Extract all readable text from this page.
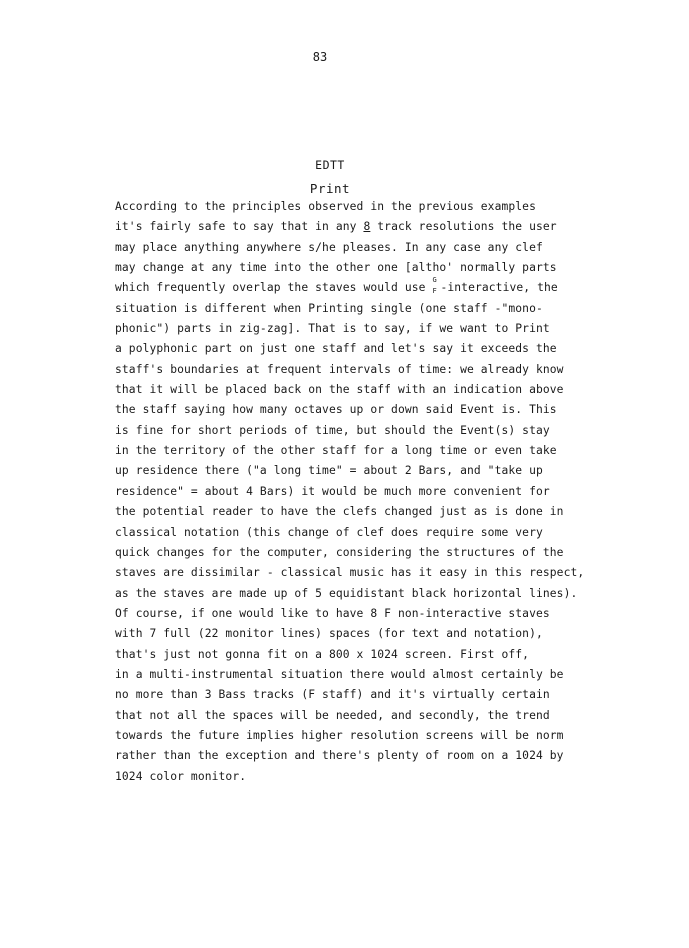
83
EDTT
Print
According to the principles observed in the previous examples
it's fairly safe to say that in any 8 track resolutions the user
may place anything anywhere s/he pleases. In any case any clef
may change at any time into the other one [altho' normally parts
which frequently overlap the staves would use
G
F -interactive, the
situation is different when Printing single (one staff -"mono-
phonic") parts in zig-zag]. That is to say, if we want to Print
a polyphonic part on just one staff and let's say it exceeds the
staff's boundaries at frequent intervals of time: we already know
that it will be placed back on the staff with an indication above
the staff saying how many octaves up or down said Event is. This
is fine for short periods of time, but should the Event(s) stay
in the territory of the other staff for a long time or even take
up residence there ("a long time" = about 2 Bars, and "take up
residence" = about 4 Bars) it would be much more convenient for
the potential reader to have the clefs changed just as is done in
classical notation (this change of clef does require some very
quick changes for the computer, considering the structures of the
staves are dissimilar - classical music has it easy in this respect,
as the staves are made up of 5 equidistant black horizontal lines).
Of course, if one would like to have 8 F non-interactive staves
with 7 full (22 monitor lines) spaces (for text and notation),
that's just not gonna fit on a 800 x 1024 screen. First off,
in a multi-instrumental situation there would almost certainly be
no more than 3 Bass tracks (F staff) and it's virtually certain
that not all the spaces will be needed, and secondly, the trend
towards the future implies higher resolution screens will be norm
rather than the exception and there's plenty of room on a 1024 by
1024 color monitor.
